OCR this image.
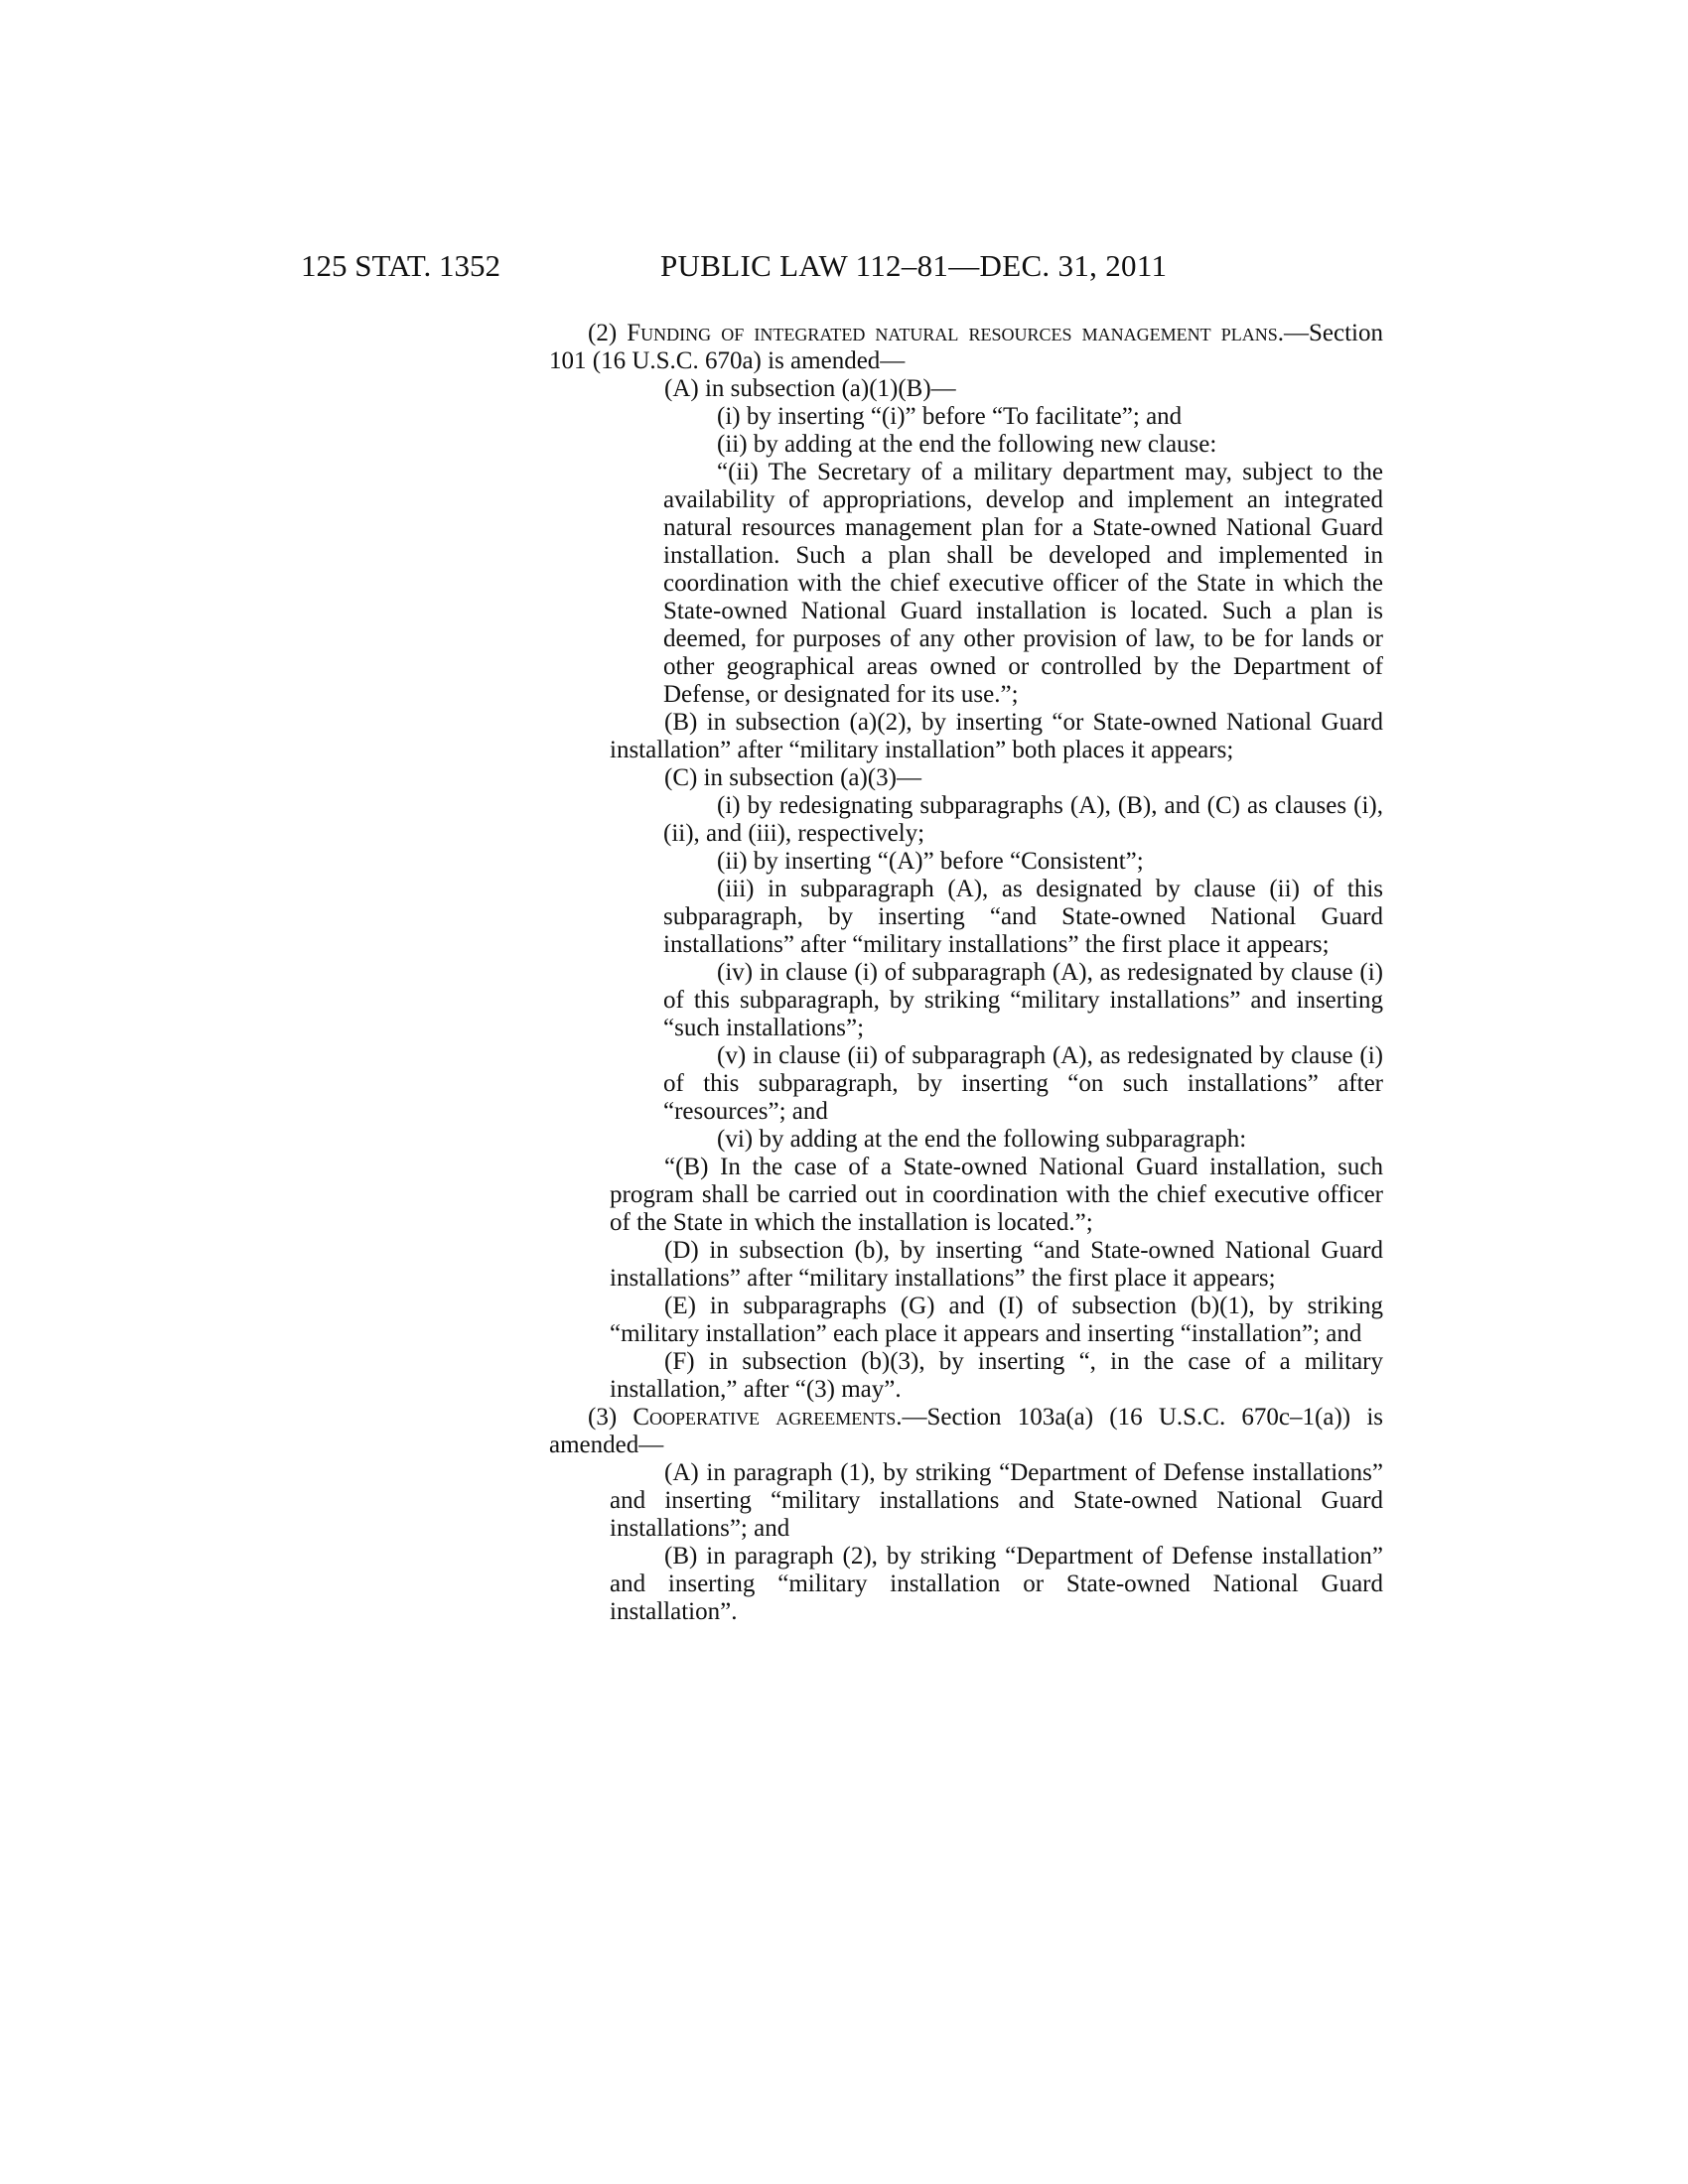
125 STAT. 1352	PUBLIC LAW 112–81—DEC. 31, 2011

(2) Funding of integrated natural resources management plans.—Section 101 (16 U.S.C. 670a) is amended—

(A) in subsection (a)(1)(B)—

(i) by inserting “(i)” before “To facilitate”; and

(ii) by adding at the end the following new clause:

“(ii) The Secretary of a military department may, subject to the availability of appropriations, develop and implement an integrated natural resources management plan for a State-owned National Guard installation. Such a plan shall be developed and implemented in coordination with the chief executive officer of the State in which the State-owned National Guard installation is located. Such a plan is deemed, for purposes of any other provision of law, to be for lands or other geographical areas owned or controlled by the Department of Defense, or designated for its use.”;

(B) in subsection (a)(2), by inserting “or State-owned National Guard installation” after “military installation” both places it appears;

(C) in subsection (a)(3)—

(i) by redesignating subparagraphs (A), (B), and (C) as clauses (i), (ii), and (iii), respectively;

(ii) by inserting “(A)” before “Consistent”;

(iii) in subparagraph (A), as designated by clause (ii) of this subparagraph, by inserting “and State-owned National Guard installations” after “military installations” the first place it appears;

(iv) in clause (i) of subparagraph (A), as redesignated by clause (i) of this subparagraph, by striking “military installations” and inserting “such installations”;

(v) in clause (ii) of subparagraph (A), as redesignated by clause (i) of this subparagraph, by inserting “on such installations” after “resources”; and

(vi) by adding at the end the following subparagraph:

“(B) In the case of a State-owned National Guard installation, such program shall be carried out in coordination with the chief executive officer of the State in which the installation is located.”;

(D) in subsection (b), by inserting “and State-owned National Guard installations” after “military installations” the first place it appears;

(E) in subparagraphs (G) and (I) of subsection (b)(1), by striking “military installation” each place it appears and inserting “installation”; and

(F) in subsection (b)(3), by inserting “, in the case of a military installation,” after “(3) may”.

(3) Cooperative agreements.—Section 103a(a) (16 U.S.C. 670c–1(a)) is amended—

(A) in paragraph (1), by striking “Department of Defense installations” and inserting “military installations and State-owned National Guard installations”; and

(B) in paragraph (2), by striking “Department of Defense installation” and inserting “military installation or State-owned National Guard installation”.
